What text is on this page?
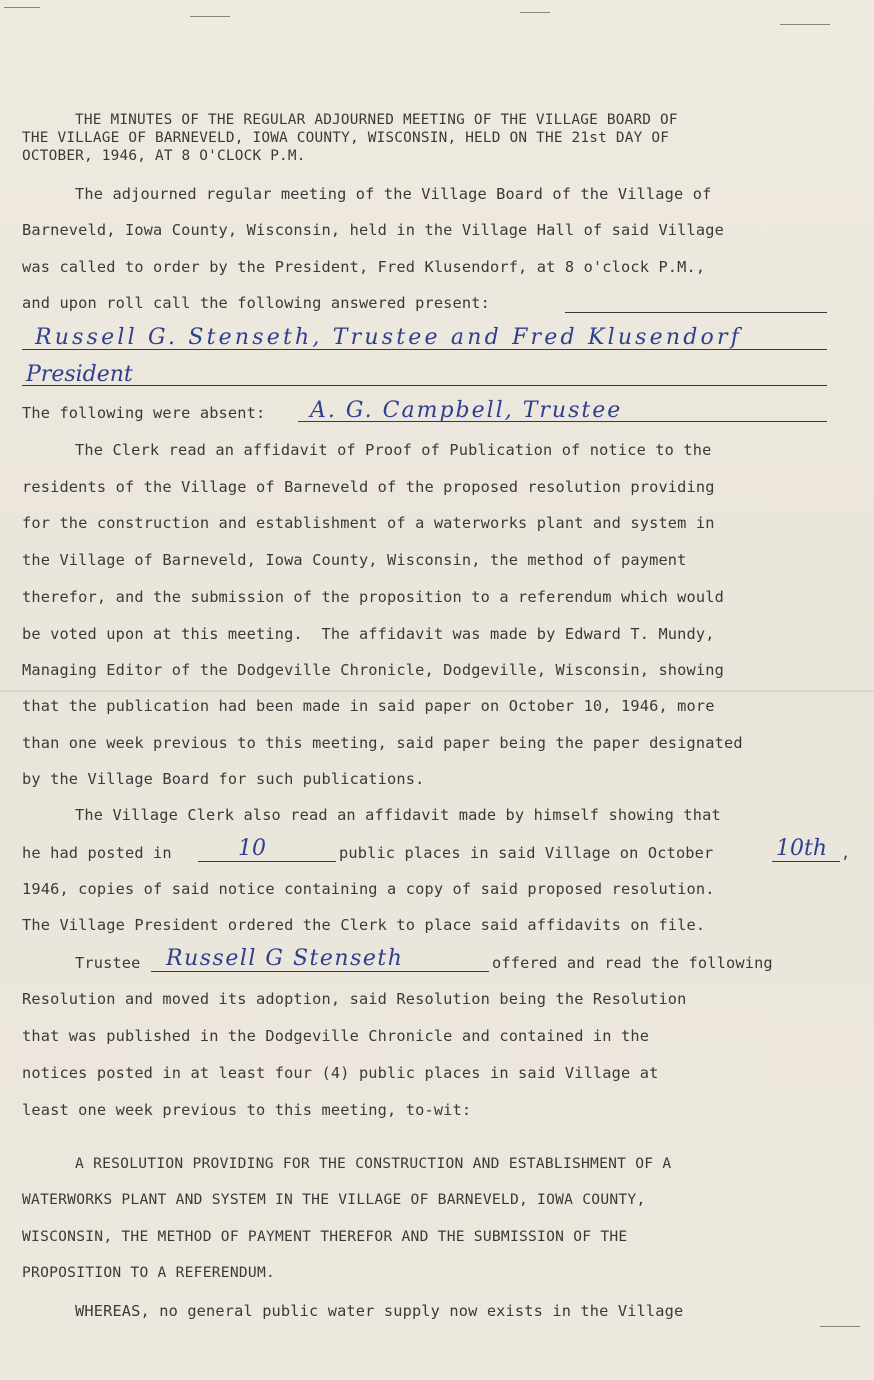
THE MINUTES OF THE REGULAR ADJOURNED MEETING OF THE VILLAGE BOARD OF
THE VILLAGE OF BARNEVELD, IOWA COUNTY, WISCONSIN, HELD ON THE 21st DAY OF
OCTOBER, 1946, AT 8 O'CLOCK P.M.
The adjourned regular meeting of the Village Board of the Village of
Barneveld, Iowa County, Wisconsin, held in the Village Hall of said Village
was called to order by the President, Fred Klusendorf, at 8 o'clock P.M.,
and upon roll call the following answered present:
Russell G. Stenseth, Trustee and Fred Klusendorf
President
The following were absent: A. G. Campbell, Trustee
The Clerk read an affidavit of Proof of Publication of notice to the
residents of the Village of Barneveld of the proposed resolution providing
for the construction and establishment of a waterworks plant and system in
the Village of Barneveld, Iowa County, Wisconsin, the method of payment
therefor, and the submission of the proposition to a referendum which would
be voted upon at this meeting.  The affidavit was made by Edward T. Mundy,
Managing Editor of the Dodgeville Chronicle, Dodgeville, Wisconsin, showing
that the publication had been made in said paper on October 10, 1946, more
than one week previous to this meeting, said paper being the paper designated
by the Village Board for such publications.
The Village Clerk also read an affidavit made by himself showing that
he had posted in	10	public places in said Village on October	10th ,
1946, copies of said notice containing a copy of said proposed resolution.
The Village President ordered the Clerk to place said affidavits on file.
Trustee Russell G Stenseth	offered and read the following
Resolution and moved its adoption, said Resolution being the Resolution
that was published in the Dodgeville Chronicle and contained in the
notices posted in at least four (4) public places in said Village at
least one week previous to this meeting, to-wit:
A RESOLUTION PROVIDING FOR THE CONSTRUCTION AND ESTABLISHMENT OF A
WATERWORKS PLANT AND SYSTEM IN THE VILLAGE OF BARNEVELD, IOWA COUNTY,
WISCONSIN, THE METHOD OF PAYMENT THEREFOR AND THE SUBMISSION OF THE
PROPOSITION TO A REFERENDUM.
WHEREAS, no general public water supply now exists in the Village
